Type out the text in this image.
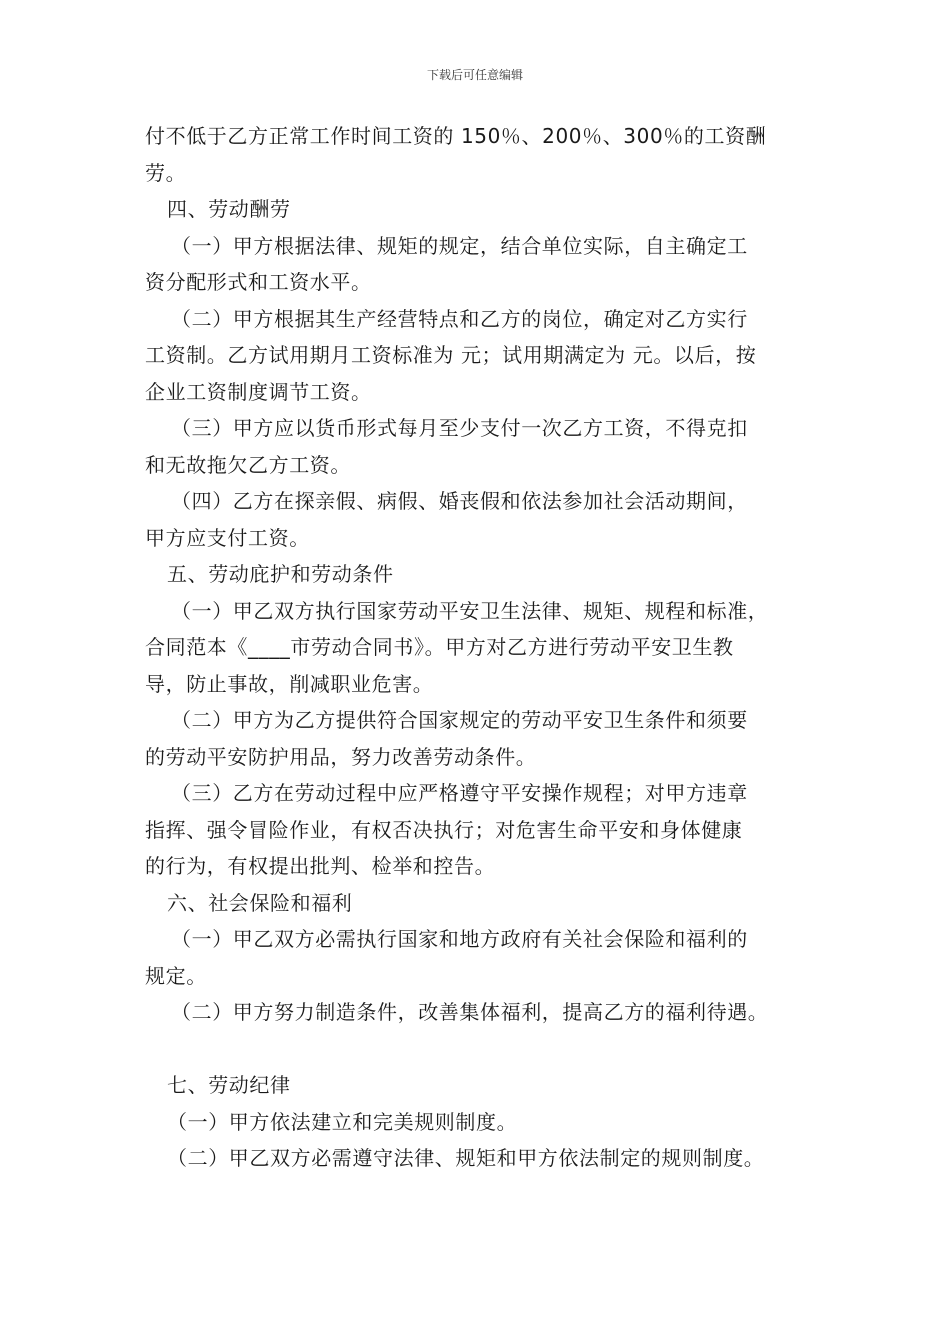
下载后可任意编辑
付不低于乙方正常工作时间工资的 150％、200％、300％的工资酬
劳。
四、劳动酬劳
（一）甲方根据法律、规矩的规定，结合单位实际，自主确定工
资分配形式和工资水平。
（二）甲方根据其生产经营特点和乙方的岗位，确定对乙方实行
工资制。乙方试用期月工资标准为 元；试用期满定为 元。以后，按
企业工资制度调节工资。
（三）甲方应以货币形式每月至少支付一次乙方工资，不得克扣
和无故拖欠乙方工资。
（四）乙方在探亲假、病假、婚丧假和依法参加社会活动期间，
甲方应支付工资。
五、劳动庇护和劳动条件
（一）甲乙双方执行国家劳动平安卫生法律、规矩、规程和标准，
合同范本《____市劳动合同书》。甲方对乙方进行劳动平安卫生教
导，防止事故，削减职业危害。
（二）甲方为乙方提供符合国家规定的劳动平安卫生条件和须要
的劳动平安防护用品，努力改善劳动条件。
（三）乙方在劳动过程中应严格遵守平安操作规程；对甲方违章
指挥、强令冒险作业，有权否决执行；对危害生命平安和身体健康
的行为，有权提出批判、检举和控告。
六、社会保险和福利
（一）甲乙双方必需执行国家和地方政府有关社会保险和福利的
规定。
（二）甲方努力制造条件，改善集体福利，提高乙方的福利待遇。
七、劳动纪律
（一）甲方依法建立和完美规则制度。
（二）甲乙双方必需遵守法律、规矩和甲方依法制定的规则制度。
